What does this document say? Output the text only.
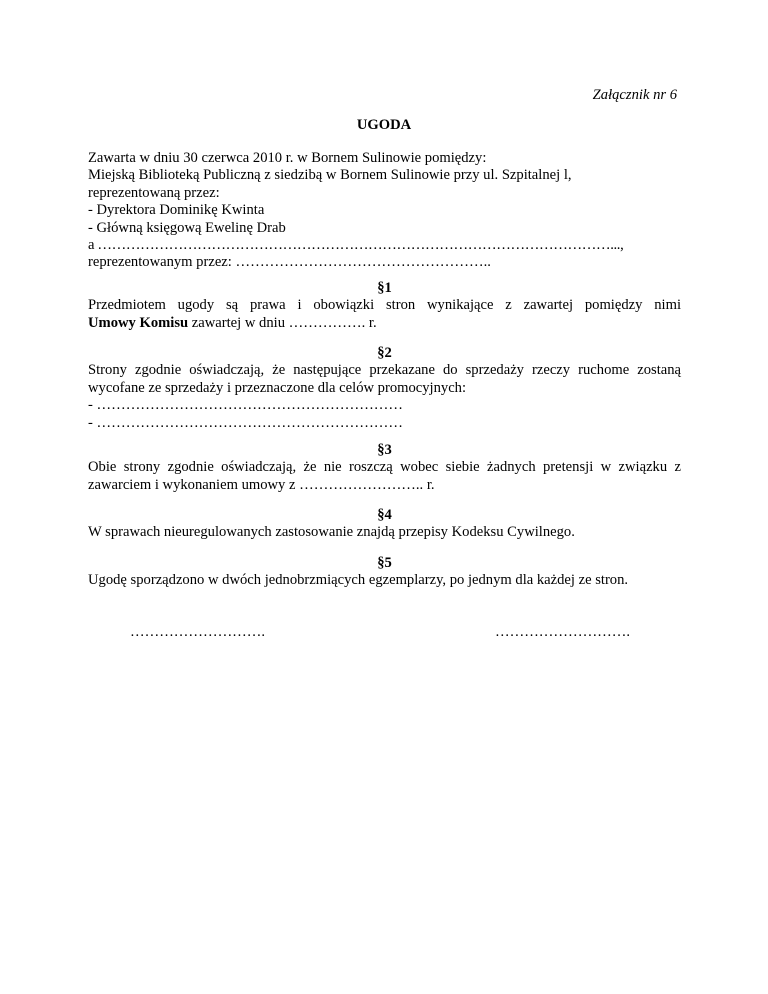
Załącznik nr 6
UGODA
Zawarta w dniu 30 czerwca 2010 r. w Bornem Sulinowie pomiędzy:
Miejską Biblioteką Publiczną z siedzibą w Bornem Sulinowie przy ul. Szpitalnej l,
reprezentowaną przez:
- Dyrektora Dominikę Kwinta
- Główną księgową Ewelinę Drab
a ………………………………………………………………………………………………...,
reprezentowanym przez: ……………………………………………..
§1
Przedmiotem ugody są prawa i obowiązki stron wynikające z zawartej pomiędzy nimi
Umowy Komisu zawartej w dniu ……………. r.
§2
Strony zgodnie oświadczają, że następujące przekazane do sprzedaży rzeczy ruchome zostaną wycofane ze sprzedaży i przeznaczone dla celów promocyjnych:
- ………………………………………………………
- ………………………………………………………
§3
Obie strony zgodnie oświadczają, że nie roszczą wobec siebie żadnych pretensji w związku z zawarciem i wykonaniem umowy z …………………….. r.
§4
W sprawach nieuregulowanych zastosowanie znajdą przepisy Kodeksu Cywilnego.
§5
Ugodę sporządzono w dwóch jednobrzmiących egzemplarzy, po jednym dla każdej ze stron.
……………………….	……………………….
